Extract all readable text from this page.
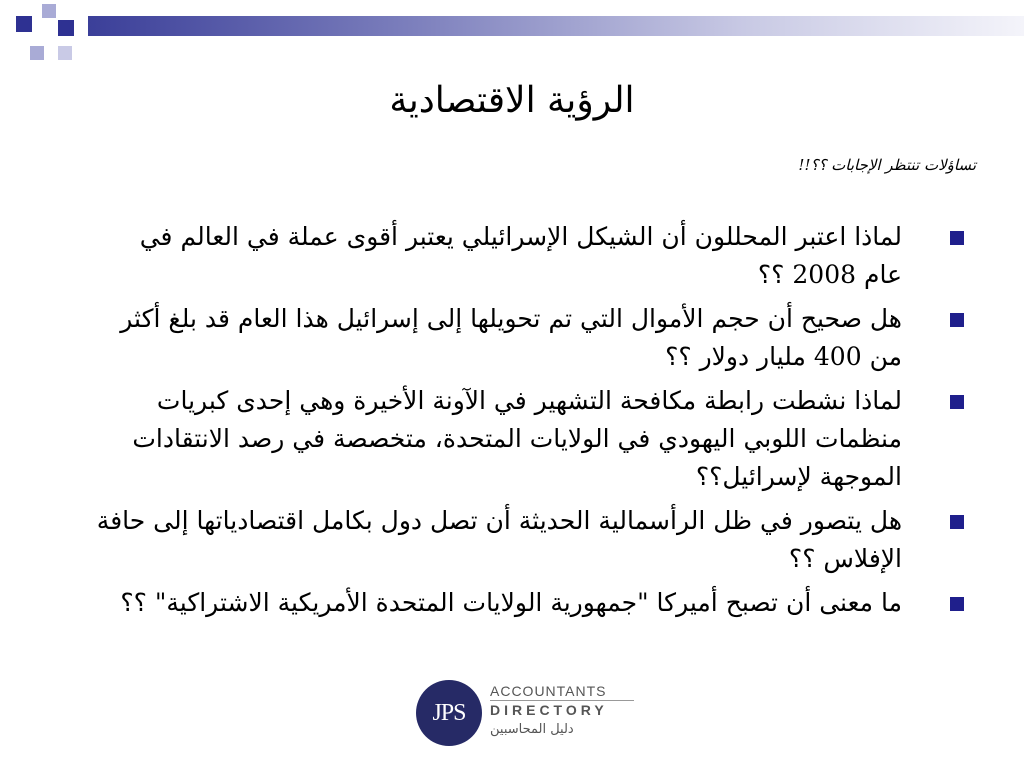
الرؤية الاقتصادية
تساؤلات تنتظر الإجابات ؟؟!!
لماذا اعتبر المحللون أن الشيكل الإسرائيلي يعتبر أقوى عملة في العالم في عام 2008 ؟؟
هل صحيح أن حجم الأموال التي تم تحويلها إلى إسرائيل هذا العام قد بلغ أكثر من 400 مليار دولار ؟؟
لماذا نشطت رابطة مكافحة التشهير في الآونة الأخيرة وهي إحدى كبريات منظمات اللوبي اليهودي في الولايات المتحدة، متخصصة في رصد الانتقادات الموجهة لإسرائيل؟؟
هل يتصور في ظل الرأسمالية الحديثة أن تصل دول بكامل اقتصادياتها إلى حافة الإفلاس ؟؟
ما معنى أن تصبح أميركا "جمهورية الولايات المتحدة الأمريكية الاشتراكية" ؟؟
JPS
ACCOUNTANTS
DIRECTORY
دليل المحاسبين
